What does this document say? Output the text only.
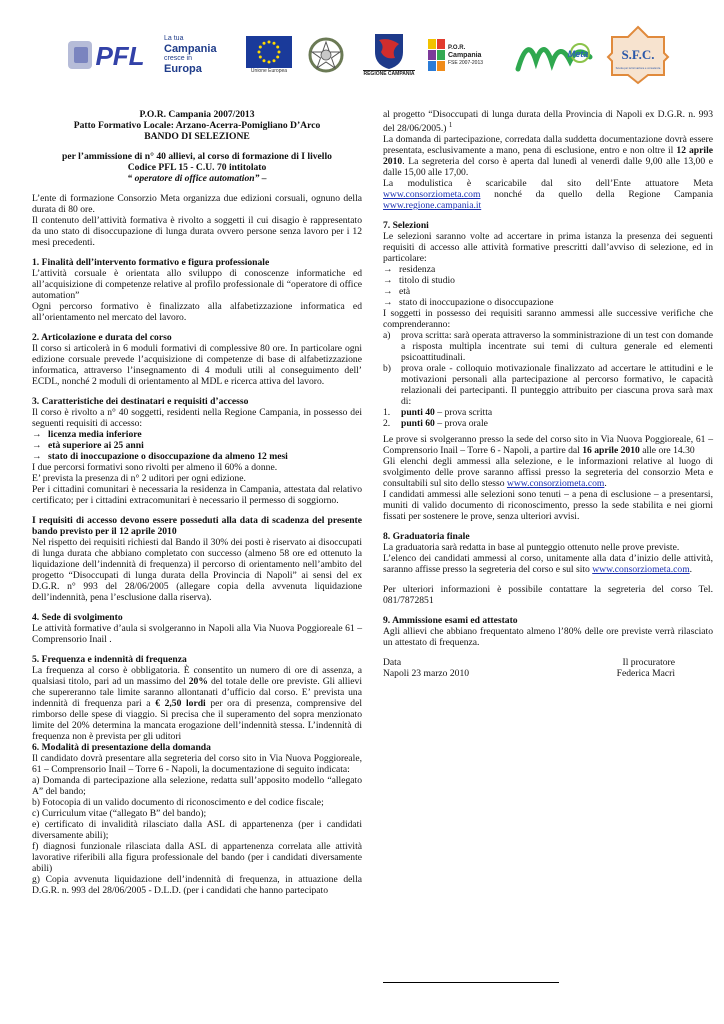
PFL
La tua
Campania
cresce in
Europa	Unione Europea
REGIONE CAMPANIA
P.O.R.
Campania
FSE 2007-2013
Meta	S.F.C.
Scuola per la formazione e consulenza

P.O.R. Campania 2007/2013

Patto Formativo Locale: Arzano-Acerra-Pomigliano D’Arco

BANDO DI SELEZIONE

per l’ammissione di n° 40 allievi, al corso di formazione di I livello

Codice PFL 15 - C.U. 70 intitolato

“ operatore di office automation” –

L’ente di formazione Consorzio Meta organizza due edizioni corsuali, ognuno della durata di 80 ore.

Il contenuto dell’attività formativa è rivolto a soggetti il cui disagio è rappresentato da uno stato di disoccupazione di lunga durata ovvero persone senza lavoro per i 12 mesi precedenti.

1. Finalità dell’intervento formativo e figura professionale

L’attività corsuale è orientata allo sviluppo di conoscenze informatiche ed all’acquisizione di competenze relative al profilo professionale di “operatore di office automation”

Ogni percorso formativo è finalizzato alla alfabetizzazione informatica ed all’orientamento nel mercato del lavoro.

2. Articolazione e durata del corso

Il corso si articolerà in 6 moduli formativi di complessive 80 ore. In particolare ogni edizione corsuale prevede l’acquisizione di competenze di base di alfabetizzazione informatica, attraverso l’insegnamento di 4 moduli utili al conseguimento dell’ ECDL, nonché 2 moduli di orientamento al MDL e ricerca attiva del lavoro.

3. Caratteristiche dei destinatari e requisiti d’accesso

Il corso è rivolto a n° 40 soggetti, residenti nella Regione Campania, in possesso dei seguenti requisiti di accesso:

→ licenza media inferiore
→ età superiore ai 25 anni
→ stato di inoccupazione o disoccupazione da almeno 12 mesi

I due percorsi formativi sono rivolti per almeno il 60% a donne.

E’ prevista la presenza di n° 2 uditori per ogni edizione.

Per i cittadini comunitari è necessaria la residenza in Campania, attestata dal relativo certificato; per i cittadini extracomunitari è necessario il permesso di soggiorno.

I requisiti di accesso devono essere posseduti alla data di scadenza del presente bando previsto per il 12 aprile 2010

Nel rispetto dei requisiti richiesti dal Bando il 30% dei posti è riservato ai disoccupati di lunga durata che abbiano completato con successo (almeno 58 ore ed ottenuto la liquidazione dell’indennità di frequenza) il percorso di orientamento nell’ambito del progetto “Disoccupati di lunga durata della Provincia di Napoli” ai sensi del ex D.G.R. n° 993 del 28/06/2005 (allegare copia della avvenuta liquidazione dell’indennità, pena l’esclusione dalla riserva).

4. Sede di svolgimento

Le attività formative d’aula si svolgeranno in Napoli alla Via Nuova Poggioreale 61 – Comprensorio Inail .

5. Frequenza e indennità di frequenza

La frequenza al corso è obbligatoria. È consentito un numero di ore di assenza, a qualsiasi titolo, pari ad un massimo del 20% del totale delle ore previste. Gli allievi che supereranno tale limite saranno allontanati d’ufficio dal corso. E’ prevista una indennità di frequenza pari a € 2,50 lordi per ora di presenza, comprensive del rimborso delle spese di viaggio. Si precisa che il superamento del sopra menzionato limite del 20% determina la mancata erogazione dell’indennità stessa. L’indennità di frequenza non è prevista per gli uditori

6. Modalità di presentazione della domanda

Il candidato dovrà presentare alla segreteria del corso sito in Via Nuova Poggioreale, 61 – Comprensorio Inail – Torre 6 - Napoli, la documentazione di seguito indicata:

a) Domanda di partecipazione alla selezione, redatta sull’apposito modello “allegato A” del bando;

b) Fotocopia di un valido documento di riconoscimento e del codice fiscale;

c) Curriculum vitae (“allegato B” del bando);

e) certificato di invalidità rilasciato dalla ASL di appartenenza (per i candidati diversamente abili);

f) diagnosi funzionale rilasciata dalla ASL di appartenenza correlata alle attività lavorative riferibili alla figura professionale del bando (per i candidati diversamente abili)

g) Copia avvenuta liquidazione dell’indennità di frequenza, in attuazione della D.G.R. n. 993 del 28/06/2005 - D.L.D. (per i candidati che hanno partecipato

al progetto “Disoccupati di lunga durata della Provincia di Napoli ex D.G.R. n. 993 del 28/06/2005.) $^1$

La domanda di partecipazione, corredata dalla suddetta documentazione dovrà essere presentata, esclusivamente a mano, pena di esclusione, entro e non oltre il 12 aprile 2010. La segreteria del corso è aperta dal lunedì al venerdì dalle 9,00 alle 13,00 e dalle 15,00 alle 17,00.

La modulistica è scaricabile dal sito dell’Ente attuatore Meta www.consorziometa.com nonché da quello della Regione Campania www.regione.campania.it

7. Selezioni

Le selezioni saranno volte ad accertare in prima istanza la presenza dei seguenti requisiti di accesso alle attività formative prescritti dall’avviso di selezione, ed in particolare:

→ residenza
→ titolo di studio
→ età
→ stato di inoccupazione o disoccupazione

I soggetti in possesso dei requisiti saranno ammessi alle successive verifiche che comprenderanno:

a)	prova scritta: sarà operata attraverso la somministrazione di un test con domande a risposta multipla incentrate sui temi di cultura generale ed elementi psicoattitudinali.
b)	prova orale - colloquio motivazionale finalizzato ad accertare le attitudini e le motivazioni personali alla partecipazione al percorso formativo, le capacità relazionali dei partecipanti. Il punteggio attribuito per ciascuna prova sarà max di:
1.	punti 40 – prova scritta
2.	punti 60 – prova orale

Le prove si svolgeranno presso la sede del corso sito in Via Nuova Poggioreale, 61 – Comprensorio Inail – Torre 6 - Napoli, a partire dal 16 aprile 2010 alle ore 14.30

Gli elenchi degli ammessi alla selezione, e le informazioni relative al luogo di svolgimento delle prove saranno affissi presso la segreteria del consorzio Meta e consultabili sul sito dello stesso www.consorziometa.com.

I candidati ammessi alle selezioni sono tenuti – a pena di esclusione – a presentarsi, muniti di valido documento di riconoscimento, presso la sede stabilita e nei giorni fissati per sostenere le prove, senza ulteriori avvisi.

8. Graduatoria finale

La graduatoria sarà redatta in base al punteggio ottenuto nelle prove previste.

L’elenco dei candidati ammessi al corso, unitamente alla data d’inizio delle attività, saranno affisse presso la segreteria del corso e sul sito www.consorziometa.com.

Per ulteriori informazioni è possibile contattare la segreteria del corso Tel. 081/7872851

9. Ammissione esami ed attestato

Agli allievi che abbiano frequentato almeno l’80% delle ore previste verrà rilasciato un attestato di frequenza.

Data	Il procuratore
Napoli 23 marzo 2010	Federica Macrì
